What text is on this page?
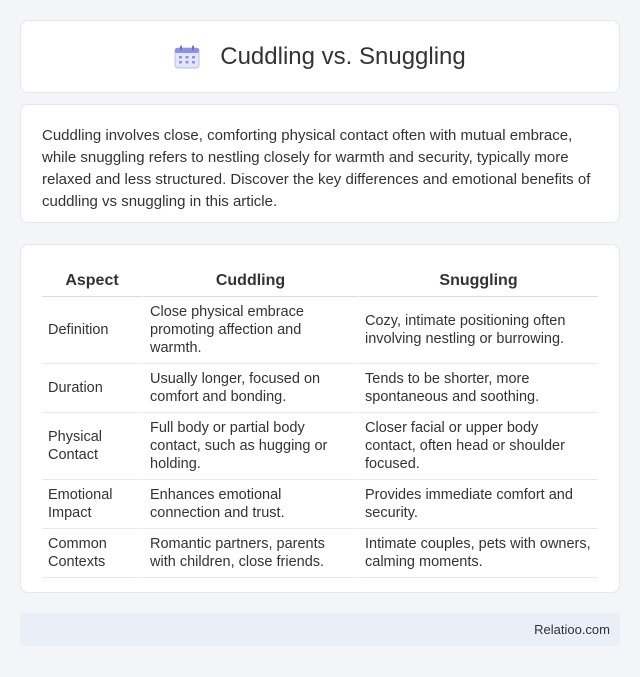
Cuddling vs. Snuggling

Cuddling involves close, comforting physical contact often with mutual embrace, while snuggling refers to nestling closely for warmth and security, typically more relaxed and less structured. Discover the key differences and emotional benefits of cuddling vs snuggling in this article.

Aspect	Cuddling	Snuggling
Definition	Close physical embrace promoting affection and warmth.	Cozy, intimate positioning often involving nestling or burrowing.
Duration	Usually longer, focused on comfort and bonding.	Tends to be shorter, more spontaneous and soothing.
Physical Contact	Full body or partial body contact, such as hugging or holding.	Closer facial or upper body contact, often head or shoulder focused.
Emotional Impact	Enhances emotional connection and trust.	Provides immediate comfort and security.
Common Contexts	Romantic partners, parents with children, close friends.	Intimate couples, pets with owners, calming moments.
Relatioo.com
